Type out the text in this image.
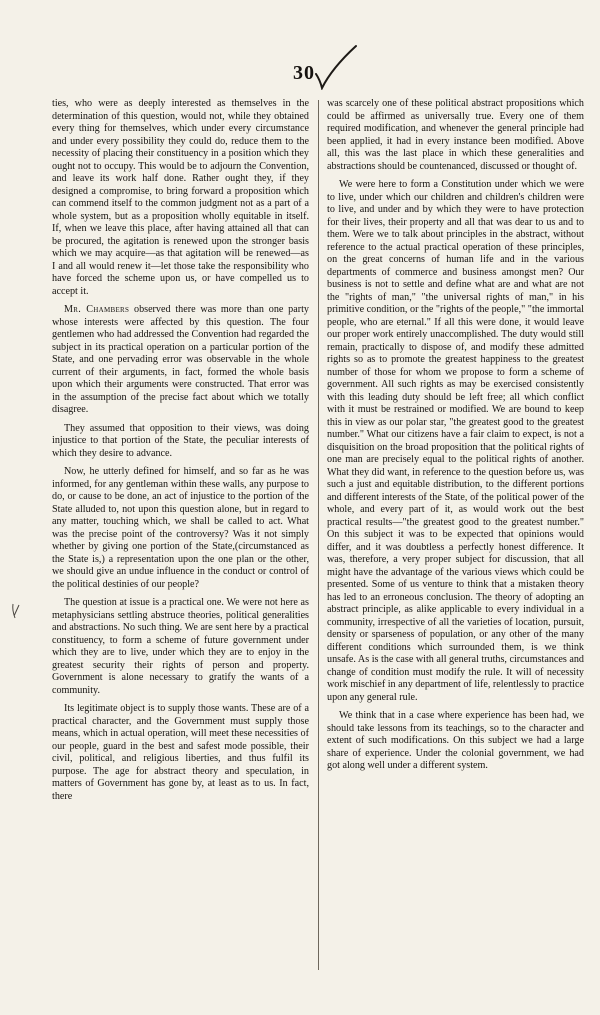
30

ties, who were as deeply interested as themselves in the determination of this question, would not, while they obtained every thing for themselves, which under every circumstance and under every possibility they could do, reduce them to the necessity of placing their constituency in a position which they ought not to occupy. This would be to adjourn the Convention, and leave its work half done. Rather ought they, if they designed a compromise, to bring forward a proposition which can commend itself to the common judgment not as a part of a whole system, but as a proposition wholly equitable in itself. If, when we leave this place, after having attained all that can be procured, the agitation is renewed upon the stronger basis which we may acquire—as that agitation will be renewed—as I and all would renew it—let those take the responsibility who have forced the scheme upon us, or have compelled us to accept it.

Mr. Chambers observed there was more than one party whose interests were affected by this question. The four gentlemen who had addressed the Convention had regarded the subject in its practical operation on a particular portion of the State, and one pervading error was observable in the whole current of their arguments, in fact, formed the whole basis upon which their arguments were constructed. That error was in the assumption of the precise fact about which we totally disagree.

They assumed that opposition to their views, was doing injustice to that portion of the State, the peculiar interests of which they desire to advance.

Now, he utterly defined for himself, and so far as he was informed, for any gentleman within these walls, any purpose to do, or cause to be done, an act of injustice to the portion of the State alluded to, not upon this question alone, but in regard to any matter, touching which, we shall be called to act. What was the precise point of the controversy? Was it not simply whether by giving one portion of the State,(circumstanced as the State is,) a representation upon the one plan or the other, we should give an undue influence in the conduct or control of the political destinies of our people?

The question at issue is a practical one. We were not here as metaphysicians settling abstruce theories, political generalities and abstractions. No such thing. We are sent here by a practical constituency, to form a scheme of future government under which they are to live, under which they are to enjoy in the greatest security their rights of person and property. Government is alone necessary to gratify the wants of a community.

Its legitimate object is to supply those wants. These are of a practical character, and the Government must supply those means, which in actual operation, will meet these necessities of our people, guard in the best and safest mode possible, their civil, political, and religious liberties, and thus fulfil its purpose. The age for abstract theory and speculation, in matters of Government has gone by, at least as to us. In fact, there

was scarcely one of these political abstract propositions which could be affirmed as universally true. Every one of them required modification, and whenever the general principle had been applied, it had in every instance been modified. Above all, this was the last place in which these generalities and abstractions should be countenanced, discussed or thought of.

We were here to form a Constitution under which we were to live, under which our children and children's children were to live, and under and by which they were to have protection for their lives, their property and all that was dear to us and to them. Were we to talk about principles in the abstract, without reference to the actual practical operation of these principles, on the great concerns of human life and in the various departments of commerce and business amongst men? Our business is not to settle and define what are and what are not the "rights of man," "the universal rights of man," in his primitive condition, or the "rights of the people," "the immortal people, who are eternal." If all this were done, it would leave our proper work entirely unaccomplished. The duty would still remain, practically to dispose of, and modify these admitted rights so as to promote the greatest happiness to the greatest number of those for whom we propose to form a scheme of government. All such rights as may be exercised consistently with this leading duty should be left free; all which conflict with it must be restrained or modified. We are bound to keep this in view as our polar star, "the greatest good to the greatest number." What our citizens have a fair claim to expect, is not a disquisition on the broad proposition that the political rights of one man are precisely equal to the political rights of another. What they did want, in reference to the question before us, was such a just and equitable distribution, to the different portions and different interests of the State, of the political power of the whole, and every part of it, as would work out the best practical results—"the greatest good to the greatest number." On this subject it was to be expected that opinions would differ, and it was doubtless a perfectly honest difference. It was, therefore, a very proper subject for discussion, that all might have the advantage of the various views which could be presented. Some of us venture to think that a mistaken theory has led to an erroneous conclusion. The theory of adopting an abstract principle, as alike applicable to every individual in a community, irrespective of all the varieties of location, pursuit, density or sparseness of population, or any other of the many different conditions which surrounded them, is we think unsafe. As is the case with all general truths, circumstances and change of condition must modify the rule. It will of necessity work mischief in any department of life, relentlessly to practice upon any general rule.

We think that in a case where experience has been had, we should take lessons from its teachings, so to the character and extent of such modifications. On this subject we had a large share of experience. Under the colonial government, we had got along well under a different system.
